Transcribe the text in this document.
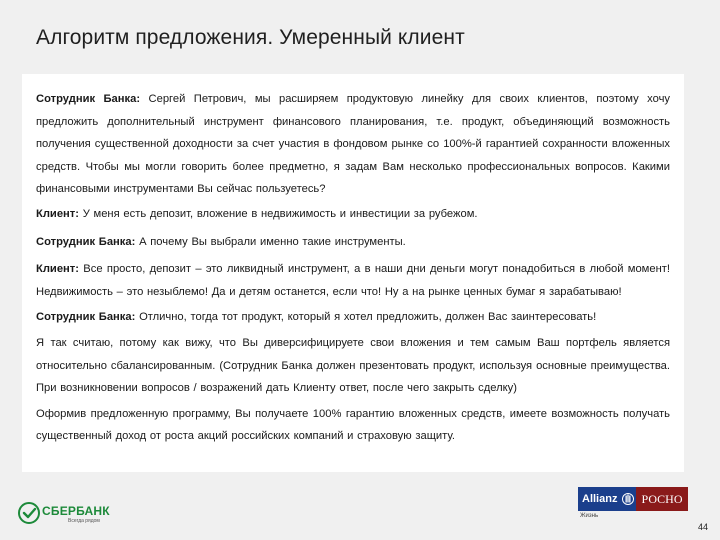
Алгоритм предложения. Умеренный клиент

Сотрудник Банка: Сергей Петрович, мы расширяем продуктовую линейку для своих клиентов, поэтому хочу предложить дополнительный инструмент финансового планирования, т.е. продукт, объединяющий возможность получения существенной доходности за счет участия в фондовом рынке со 100%-й гарантией сохранности вложенных средств. Чтобы мы могли говорить более предметно, я задам Вам несколько профессиональных вопросов. Какими финансовыми инструментами Вы сейчас пользуетесь?

Клиент: У меня есть депозит, вложение в недвижимость и инвестиции за рубежом.

Сотрудник Банка: А почему Вы выбрали именно такие инструменты.

Клиент: Все просто, депозит – это ликвидный инструмент, а в наши дни деньги могут понадобиться в любой момент! Недвижимость – это незыблемо! Да и детям останется, если что! Ну а на рынке ценных бумаг я зарабатываю!

Сотрудник Банка: Отлично, тогда тот продукт, который я хотел предложить, должен Вас заинтересовать!

Я так считаю, потому как вижу, что Вы диверсифицируете свои вложения и тем самым Ваш портфель является относительно сбалансированным. (Сотрудник Банка должен презентовать продукт, используя основные преимущества. При возникновении вопросов / возражений дать Клиенту ответ, после чего закрыть сделку)

Оформив предложенную программу, Вы получаете 100% гарантию вложенных средств, имеете возможность получать существенный доход от роста акций российских компаний и страховую защиту.

СБЕРБАНК
Всегда рядом
Allianz РОСНО
Жизнь
44
